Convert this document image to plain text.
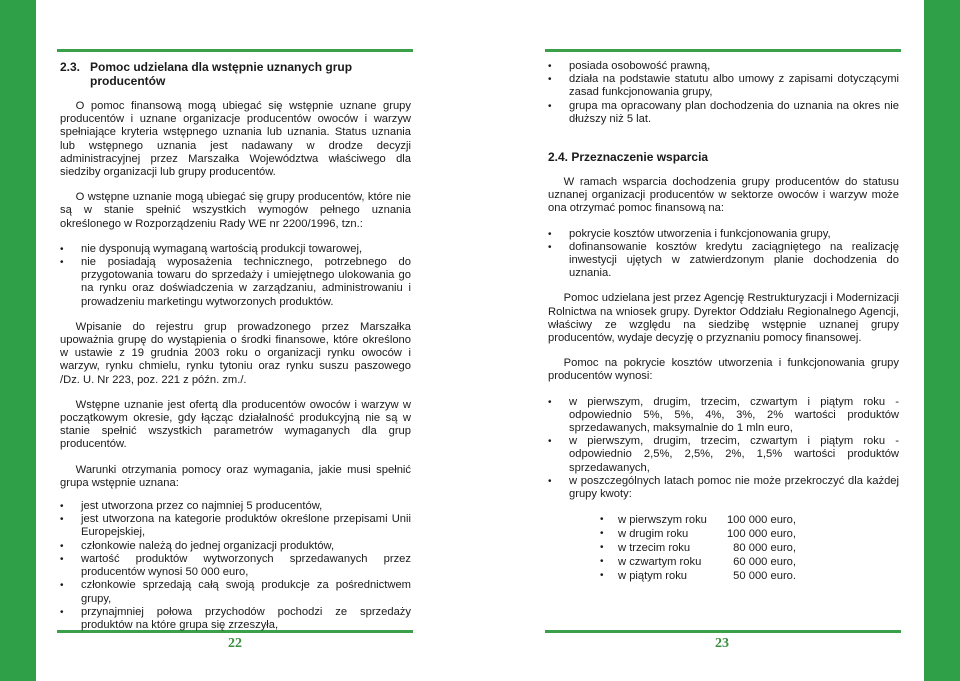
2.3. Pomoc udzielana dla wstępnie uznanych grup
producentów

O pomoc finansową mogą ubiegać się wstępnie uznane grupy producentów i uznane organizacje producentów owoców i warzyw spełniające kryteria wstępnego uznania lub uznania. Status uznania lub wstępnego uznania jest nadawany w drodze decyzji administracyjnej przez Marszałka Województwa właściwego dla siedziby organizacji lub grupy producentów.

O wstępne uznanie mogą ubiegać się grupy producentów, które nie są w stanie spełnić wszystkich wymogów pełnego uznania określonego w Rozporządzeniu Rady WE nr 2200/1996, tzn.:

• nie dysponują wymaganą wartością produkcji towarowej,
• nie posiadają wyposażenia technicznego, potrzebnego do przygotowania towaru do sprzedaży i umiejętnego ulokowania go na rynku oraz doświadczenia w zarządzaniu, administrowaniu i prowadzeniu marketingu wytworzonych produktów.

Wpisanie do rejestru grup prowadzonego przez Marszałka upoważnia grupę do wystąpienia o środki finansowe, które określono w ustawie z 19 grudnia 2003 roku o organizacji rynku owoców i warzyw, rynku chmielu, rynku tytoniu oraz rynku suszu paszowego /Dz. U. Nr 223, poz. 221 z późn. zm./.

Wstępne uznanie jest ofertą dla producentów owoców i warzyw w początkowym okresie, gdy łącząc działalność produkcyjną nie są w stanie spełnić wszystkich parametrów wymaganych dla grup producentów.

Warunki otrzymania pomocy oraz wymagania, jakie musi spełnić grupa wstępnie uznana:

• jest utworzona przez co najmniej 5 producentów,
• jest utworzona na kategorie produktów określone przepisami Unii Europejskiej,
• członkowie należą do jednej organizacji produktów,
• wartość produktów wytworzonych sprzedawanych przez producentów wynosi 50 000 euro,
• członkowie sprzedają całą swoją produkcje za pośrednictwem grupy,
• przynajmniej połowa przychodów pochodzi ze sprzedaży produktów na które grupa się zrzeszyła,
22
• posiada osobowość prawną,
• działa na podstawie statutu albo umowy z zapisami dotyczącymi zasad funkcjonowania grupy,
• grupa ma opracowany plan dochodzenia do uznania na okres nie dłuższy niż 5 lat.
2.4. Przeznaczenie wsparcia

W ramach wsparcia dochodzenia grupy producentów do statusu uznanej organizacji producentów w sektorze owoców i warzyw może ona otrzymać pomoc finansową na:

• pokrycie kosztów utworzenia i funkcjonowania grupy,
• dofinansowanie kosztów kredytu zaciągniętego na realizację inwestycji ujętych w zatwierdzonym planie dochodzenia do uznania.

Pomoc udzielana jest przez Agencję Restrukturyzacji i Modernizacji Rolnictwa na wniosek grupy. Dyrektor Oddziału Regionalnego Agencji, właściwy ze względu na siedzibę wstępnie uznanej grupy producentów, wydaje decyzję o przyznaniu pomocy finansowej.

Pomoc na pokrycie kosztów utworzenia i funkcjonowania grupy producentów wynosi:

• w pierwszym, drugim, trzecim, czwartym i piątym roku - odpowiednio 5%, 5%, 4%, 3%, 2% wartości produktów sprzedawanych, maksymalnie do 1 mln euro,
• w pierwszym, drugim, trzecim, czwartym i piątym roku - odpowiednio 2,5%, 2,5%, 2%, 1,5% wartości produktów sprzedawanych,
• w poszczególnych latach pomoc nie może przekroczyć dla każdej grupy kwoty:
•	w pierwszym roku	100 000 euro,
•	w drugim roku	100 000 euro,
•	w trzecim roku	80 000 euro,
•	w czwartym roku	60 000 euro,
•	w piątym roku	50 000 euro.
23
